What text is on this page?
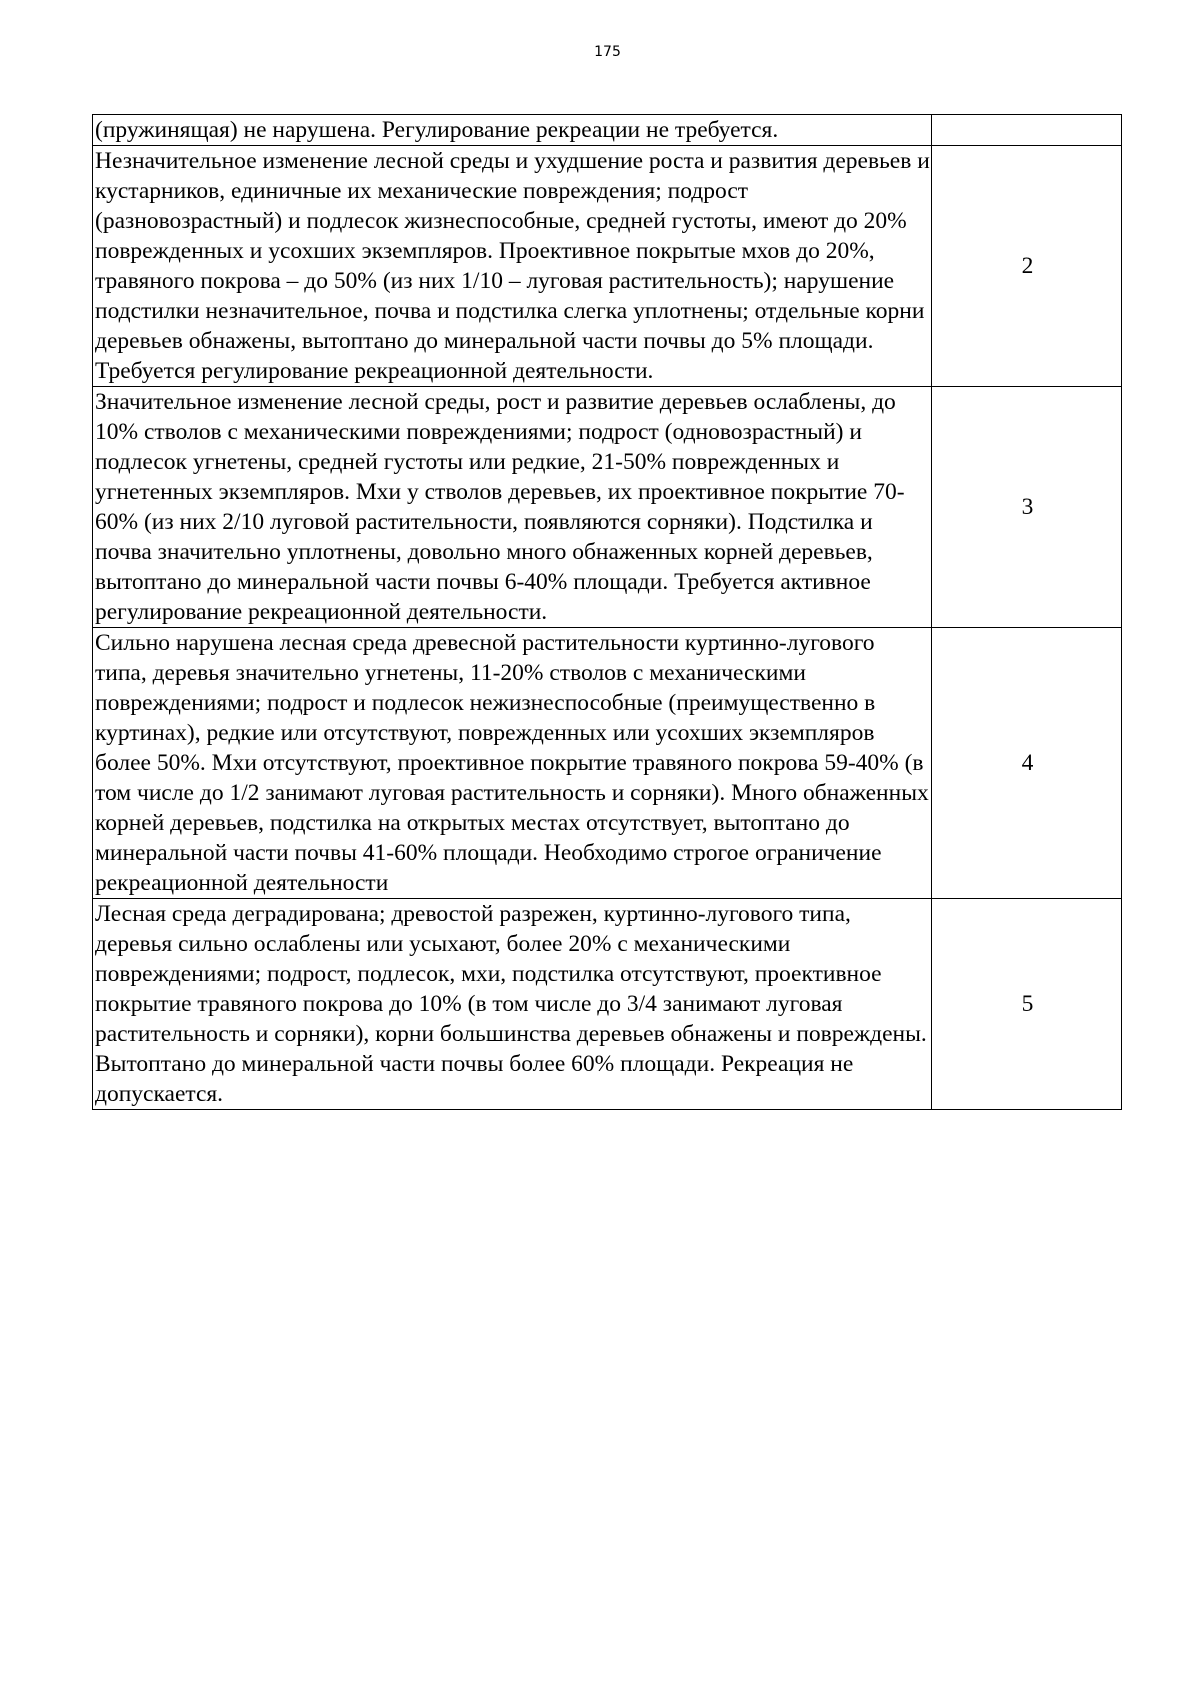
175
(пружинящая) не нарушена. Регулирование рекреации не требуется.	
Незначительное изменение лесной среды и ухудшение роста и развития деревьев и кустарников, единичные их механические повреждения; подрост (разновозрастный) и подлесок жизнеспособные, средней густоты, имеют до 20% поврежденных и усохших экземпляров. Проективное покрытые мхов до 20%, травяного покрова – до 50% (из них 1/10 – луговая растительность); нарушение подстилки незначительное, почва и подстилка слегка уплотнены; отдельные корни деревьев обнажены, вытоптано до минеральной части почвы до 5% площади. Требуется регулирование рекреационной деятельности.	2
Значительное изменение лесной среды, рост и развитие деревьев ослаблены, до 10% стволов с механическими повреждениями; подрост (одновозрастный) и подлесок угнетены, средней густоты или редкие, 21-50% поврежденных и угнетенных экземпляров. Мхи у стволов деревьев, их проективное покрытие 70-60% (из них 2/10 луговой растительности, появляются сорняки). Подстилка и почва значительно уплотнены, довольно много обнаженных корней деревьев, вытоптано до минеральной части почвы 6-40% площади. Требуется активное регулирование рекреационной деятельности.	3
Сильно нарушена лесная среда древесной растительности куртинно-лугового типа, деревья значительно угнетены, 11-20% стволов с механическими повреждениями; подрост и подлесок нежизнеспособные (преимущественно в куртинах), редкие или отсутствуют, поврежденных или усохших экземпляров более 50%. Мхи отсутствуют, проективное покрытие травяного покрова 59-40% (в том числе до 1/2 занимают луговая растительность и сорняки). Много обнаженных корней деревьев, подстилка на открытых местах отсутствует, вытоптано до минеральной части почвы 41-60% площади. Необходимо строгое ограничение рекреационной деятельности	4
Лесная среда деградирована; древостой разрежен, куртинно-лугового типа, деревья сильно ослаблены или усыхают, более 20% с механическими повреждениями; подрост, подлесок, мхи, подстилка отсутствуют, проективное покрытие травяного покрова до 10% (в том числе до 3/4 занимают луговая растительность и сорняки), корни большинства деревьев обнажены и повреждены. Вытоптано до минеральной части почвы более 60% площади. Рекреация не допускается.	5
